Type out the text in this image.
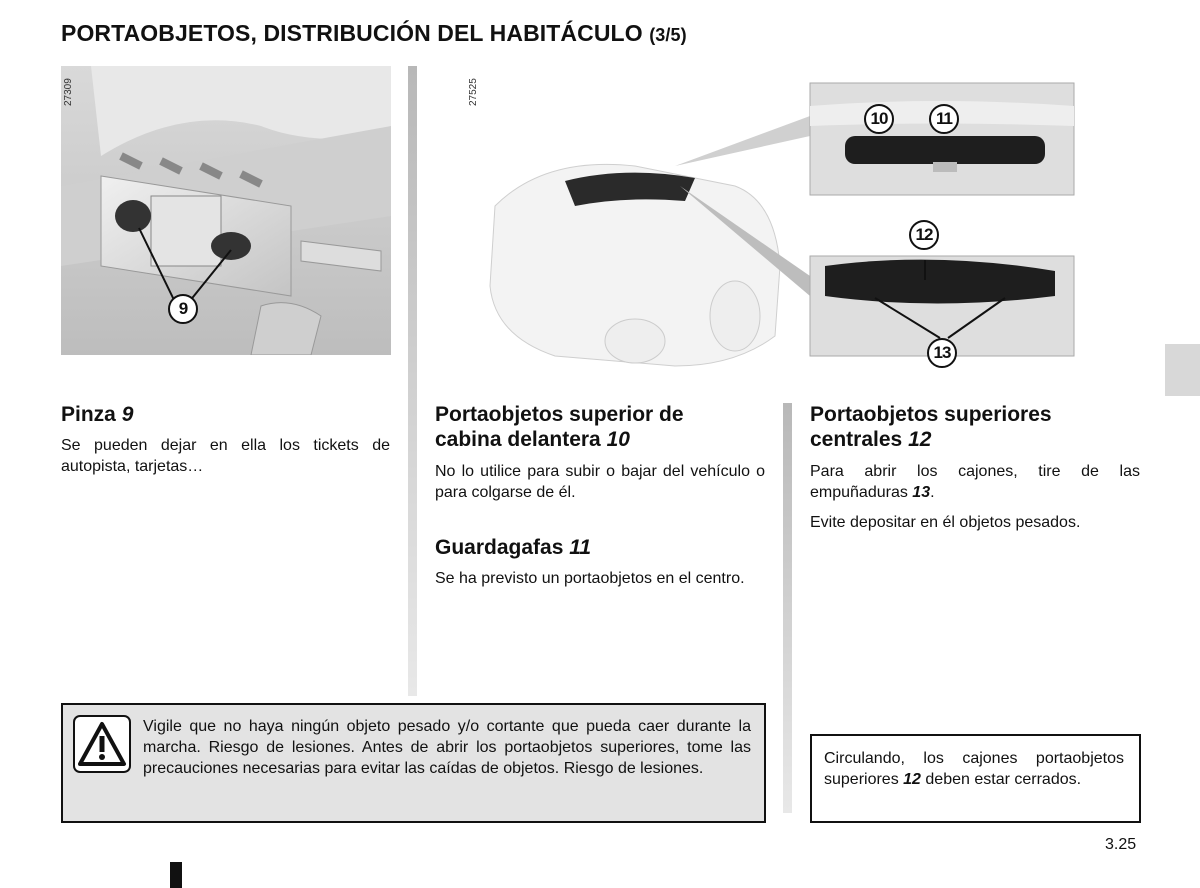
PORTAOBJETOS, DISTRIBUCIÓN DEL HABITÁCULO (3/5)
27309
9
27525
10	11
12
13
Pinza 9
Se pueden dejar en ella los tickets de autopista, tarjetas…
Portaobjetos superior de
cabina delantera 10
No lo utilice para subir o bajar del vehículo o para colgarse de él.
Guardagafas 11
Se ha previsto un portaobjetos en el centro.
Portaobjetos superiores
centrales 12
Para abrir los cajones, tire de las empuñaduras 13.
Evite depositar en él objetos pesados.
Vigile que no haya ningún objeto pesado y/o cortante que pueda caer durante la marcha. Riesgo de lesiones. Antes de abrir los portaobjetos superiores, tome las precauciones necesarias para evitar las caídas de objetos. Riesgo de lesiones.
Circulando, los cajones portaobjetos superiores 12 deben estar cerrados.
3.25
